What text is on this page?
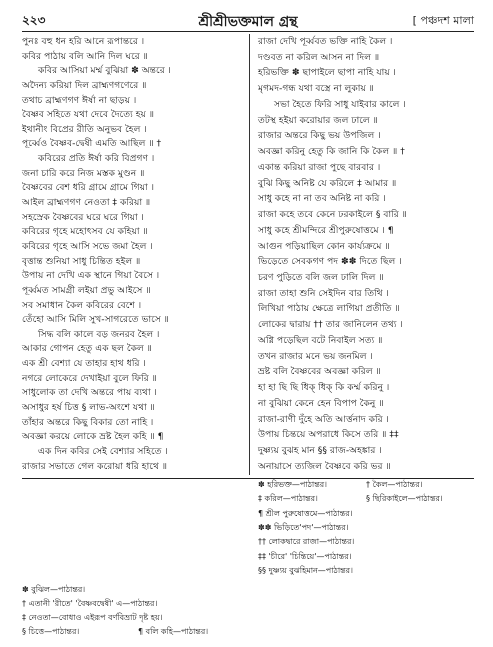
২২৩	শ্রীশ্রীভক্তমাল গ্রন্থ	[ পঞ্চদশ মালা
পুনঃ বহু ধন হরি আনে রূপান্তরে ।
কবির পাঠায় বলি আনি দিল ঘরে ॥
কবির আসিয়া মর্ম্ম বুঝিয়া ✽ অন্তরে ।
অদৈন্য করিয়া দিল ব্রাহ্মণগণেরে ॥
তথাচ ব্রাহ্মণগণ ঈর্ষা না ছাড়য় ।
বৈষ্ণব সহিতে যথা দেবে দৈত্যে হয় ॥
ইথানীং বিপ্রের রীতি অনুভব হৈল ।
পূর্ব্বেও বৈষ্ণব-দ্বেষী এমতি আছিল ॥ †
কবিরের প্রতি ঈর্ষা করি বিপ্রগণ ।
জনা চারি করে নিজ মস্তক মুণ্ডন ॥
বৈষ্ণবের বেশ ধরি গ্রামে গ্রামে গিয়া ।
আইল ব্রাহ্মণগণ নেওতা ‡ করিয়া ॥
সহস্রেক বৈষ্ণবের ঘরে ঘরে গিয়া ।
কবিরের গৃহে মহোৎসব যে কহিয়া ॥
কবিরের গৃহে আসি সভে জমা হৈল ।
বৃত্তান্ত শুনিয়া সাধু চিন্তিত হইল ॥
উপায় না দেখি এক স্থানে গিয়া বৈসে ।
পূর্ব্বমত সামগ্রী লইয়া প্রভু আইসে ॥
সব সমাধান কৈল কবিরের বেশে ।
তেঁহো আসি মিলি সুখ-সাগরেতে ভাসে ॥
সিদ্ধ বলি কালে বড় জনরব হৈল ।
আকার গোপন হেতু এক ছল কৈল ॥
এক শ্রী বেশ্যা যে তাহার হাথ ধরি ।
নগরে লোকেরে দেখাইয়া বুলে ফিরি ॥
সাধুলোক তা দেখি অন্তরে পায় ব্যথা ।
অসাধুর হর্ষ চিত্ত § লাভ-অংশে যথা ॥
তাঁহার অন্তরে কিছু বিকার তো নাহি ।
অবজ্ঞা করয়ে লোকে ভ্রষ্ট হৈল কহি ॥ ¶
এক দিন কবির সেই বেশ্যার সহিতে ।
রাজার সভাতে গেল করোয়া ধরি হাথে ॥
রাজা দেখি পূর্ব্ববত ভক্তি নাহি কৈল ।
দণ্ডবত না করিল আসন না দিল ॥
হরিভক্তি ✽ ছাপাইলে ছাপা নাহি যায় ।
মৃগমদ-গন্ধ যথা বস্ত্রে না লুকায় ॥
সভা হৈতে ফিরি সাধু যাইবার কালে ।
তটস্থ হইয়া করোয়ার জল ঢালে ॥
রাজার অন্তরে কিছু ভয় উপজিল ।
অবজ্ঞা করিনু হেতু কি জানি কি কৈল ॥ †
একান্ত করিয়া রাজা পুছে বারবার ।
বুঝি কিছু অনিষ্ট যে করিলে ‡ আমার ॥
সাধু কহে না না তব অনিষ্ট না করি ।
রাজা কহে তবে কেনে ঢরকাইলে § বারি ॥
সাধু কহে শ্রীমন্দিরে শ্রীপুরুষোত্তমে । ¶
আগুন পড়িয়াছিল কোন কার্য্যক্রমে ॥
ভিড়েতে সেবকগণ পদ ✽✽ দিতে ছিল ।
চরণ পুড়িতে বলি জল ঢালি দিল ॥
রাজা তাহা শুনি সেইদিন বার তিথি ।
লিখিয়া পাঠায় ক্ষেত্রে লাগিয়া প্রতীতি ॥
লোকের দ্বারায় †† তার জানিলেন তথ্য ।
অগ্নি পড়েছিল বটে নিবাইল সত্য ॥
তখন রাজার মনে ভয় জনমিল ।
ভ্রষ্ট বলি বৈষ্ণবের অবজ্ঞা করিল ॥
হা হা ছি ছি ধিক্‌ ধিক্‌ কি কর্ম্ম করিনু ।
না বুঝিয়া কেনে হেন বিপাপ কৈনু ॥
রাজা-রাণী দুঁহে অতি আর্ত্তনাদ করি ।
উপায় চিন্তয়ে অপরাধে কিসে তরি ॥ ‡‡
দুষ্ণ্যয় বুঝহ মান §§ রাজ-অহঙ্কার ।
অনায়াসে ত্যজিল বৈষ্ণবে করি ভর ॥
✽ হরিভক্ত—পাঠান্তর।	† কৈল—পাঠান্তর।
‡ করিল—পাঠান্তর।	§ ছিরিকাইলে—পাঠান্তর।
¶ শ্রীল পুরুষোত্তমে—পাঠান্তর।
✽✽ ভিড়িতে'পদ'—পাঠান্তর।
†† লোকদ্বারে রাজা—পাঠান্তর।
‡‡ 'চীরে' 'চিন্তিয়ে'—পাঠান্তর।
§§ দুষ্ণ্যয় বুঝহিমান—পাঠান্তর।
✽ বুঝিল—পাঠান্তর।
† এতানী 'রীতে' 'বৈষ্ণবদ্বেষী' এ—পাঠান্তর।
‡ নেওতা—বোধাও এইরূপ বর্ণবিভ্রাট দৃষ্ট হয়।
§ চিত্তে—পাঠান্তর।	¶ বলি কহি—পাঠান্তর।
